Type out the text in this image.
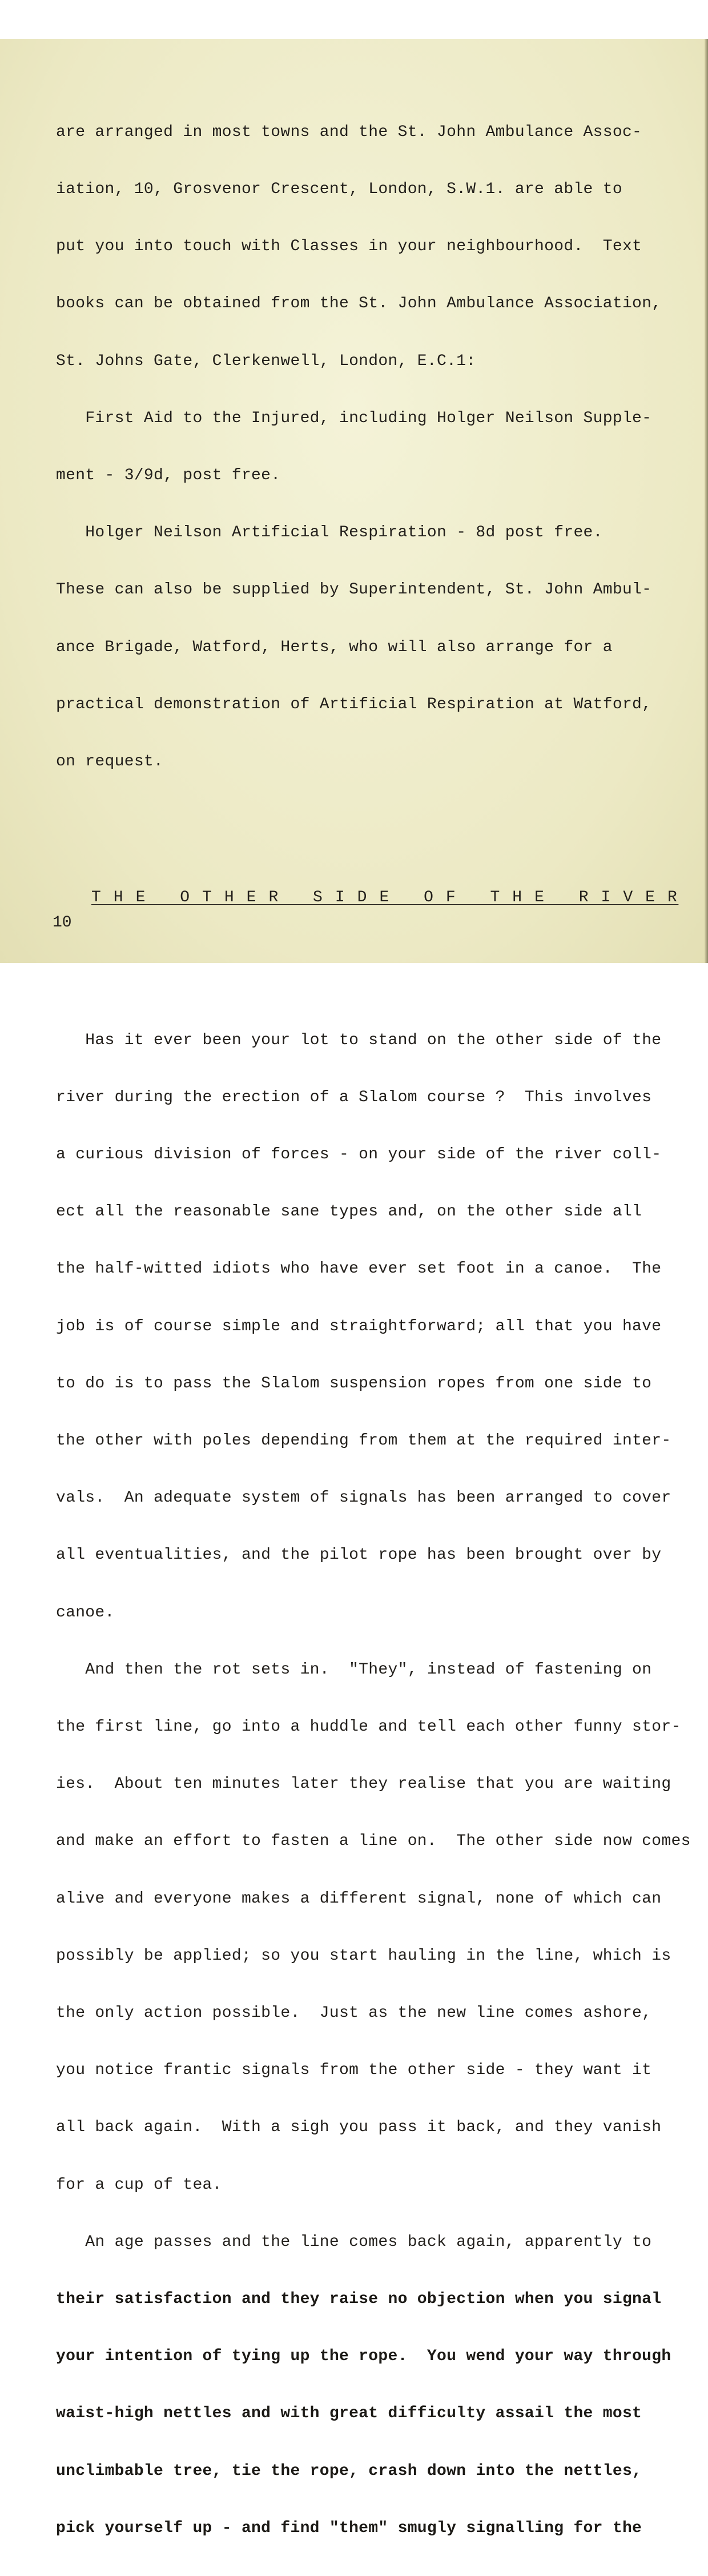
are arranged in most towns and the St. John Ambulance Assoc-

iation, 10, Grosvenor Crescent, London, S.W.1. are able to

put you into touch with Classes in your neighbourhood.  Text

books can be obtained from the St. John Ambulance Association,

St. Johns Gate, Clerkenwell, London, E.C.1:

First Aid to the Injured, including Holger Neilson Supple-

ment - 3/9d, post free.

Holger Neilson Artificial Respiration - 8d post free.

These can also be supplied by Superintendent, St. John Ambul-

ance Brigade, Watford, Herts, who will also arrange for a

practical demonstration of Artificial Respiration at Watford,

on request.

T H E   O T H E R   S I D E   O F   T H E   R I V E R

Has it ever been your lot to stand on the other side of the

river during the erection of a Slalom course ?  This involves

a curious division of forces - on your side of the river coll-

ect all the reasonable sane types and, on the other side all

the half-witted idiots who have ever set foot in a canoe.  The

job is of course simple and straightforward; all that you have

to do is to pass the Slalom suspension ropes from one side to

the other with poles depending from them at the required inter-

vals.  An adequate system of signals has been arranged to cover

all eventualities, and the pilot rope has been brought over by

canoe.

And then the rot sets in.  "They", instead of fastening on

the first line, go into a huddle and tell each other funny stor-

ies.  About ten minutes later they realise that you are waiting

and make an effort to fasten a line on.  The other side now comes

alive and everyone makes a different signal, none of which can

possibly be applied; so you start hauling in the line, which is

the only action possible.  Just as the new line comes ashore,

you notice frantic signals from the other side - they want it

all back again.  With a sigh you pass it back, and they vanish

for a cup of tea.

An age passes and the line comes back again, apparently to

their satisfaction and they raise no objection when you signal

your intention of tying up the rope.  You wend your way through

waist-high nettles and with great difficulty assail the most

unclimbable tree, tie the rope, crash down into the nettles,

pick yourself up - and find "them" smugly signalling for the

10
